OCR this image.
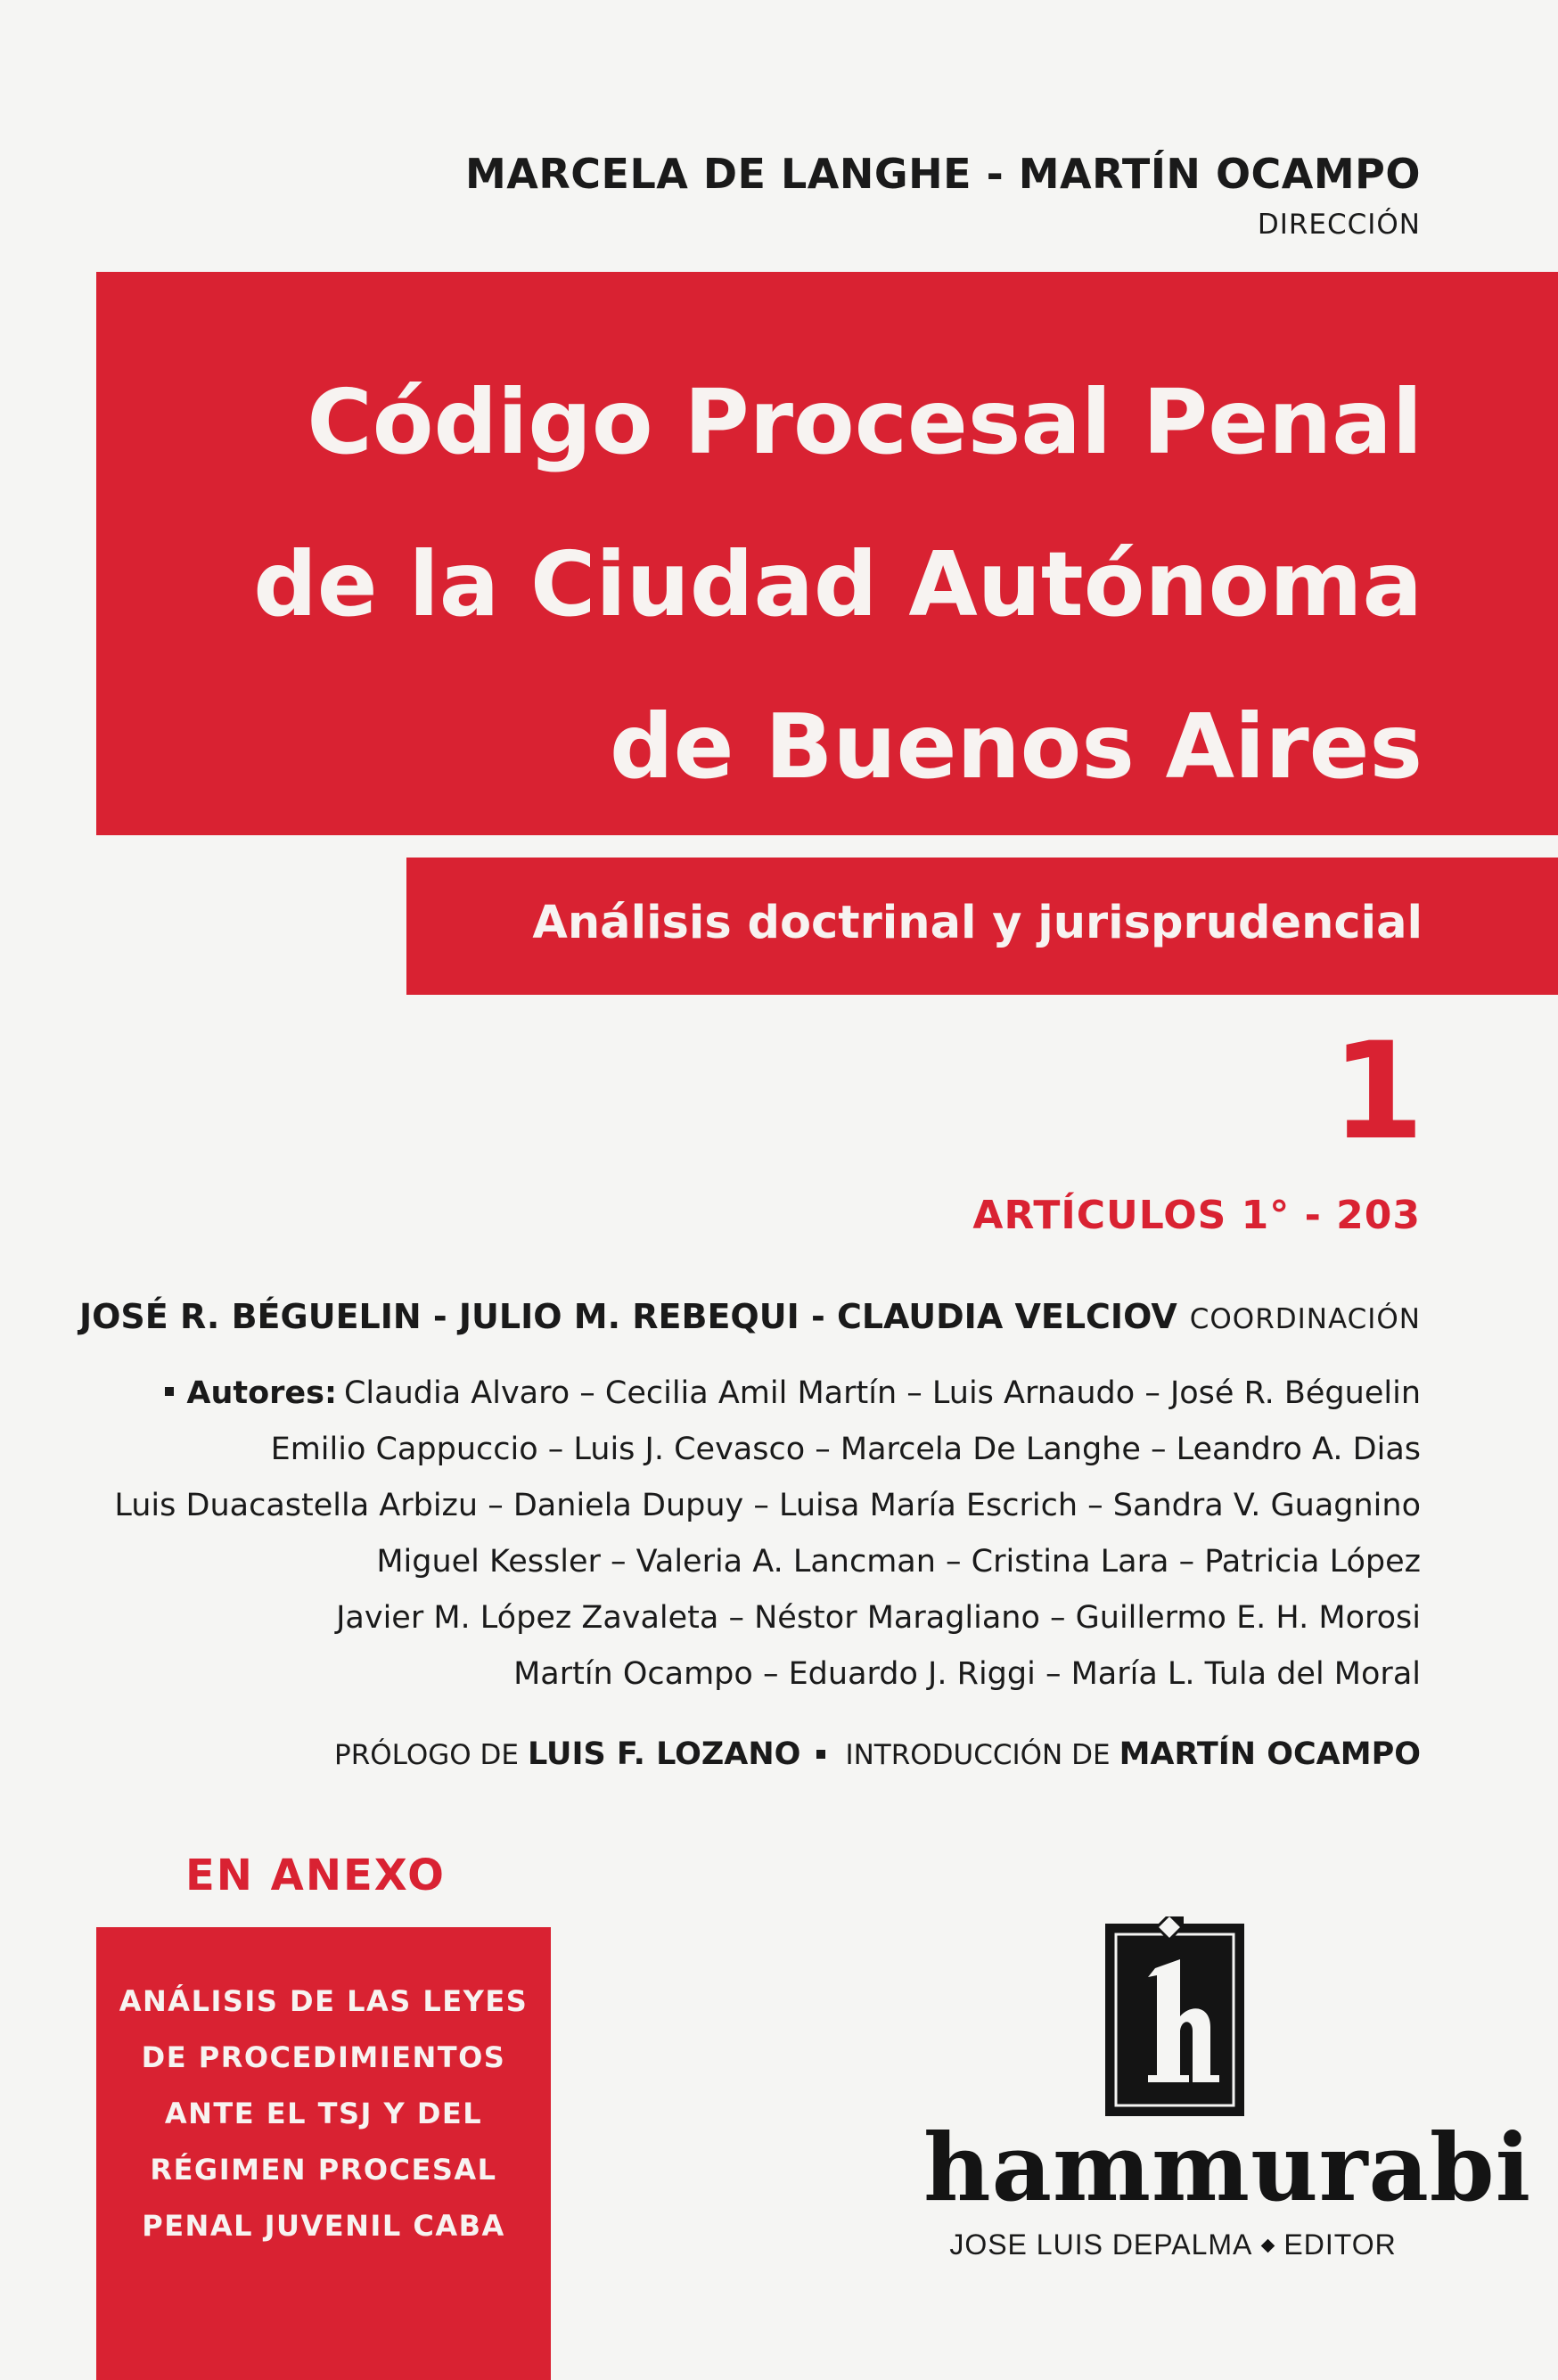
MARCELA DE LANGHE - MARTÍN OCAMPO
DIRECCIÓN
Código Procesal Penal
de la Ciudad Autónoma
de Buenos Aires
Análisis doctrinal y jurisprudencial
1
ARTÍCULOS 1° - 203
JOSÉ R. BÉGUELIN - JULIO M. REBEQUI - CLAUDIA VELCIOV COORDINACIÓN
Autores: Claudia Alvaro – Cecilia Amil Martín – Luis Arnaudo – José R. Béguelin
Emilio Cappuccio – Luis J. Cevasco – Marcela De Langhe – Leandro A. Dias
Luis Duacastella Arbizu – Daniela Dupuy – Luisa María Escrich – Sandra V. Guagnino
Miguel Kessler – Valeria A. Lancman – Cristina Lara – Patricia López
Javier M. López Zavaleta – Néstor Maragliano – Guillermo E. H. Morosi
Martín Ocampo – Eduardo J. Riggi – María L. Tula del Moral
PRÓLOGO DE LUIS F. LOZANO INTRODUCCIÓN DE MARTÍN OCAMPO
EN ANEXO
ANÁLISIS DE LAS LEYES
DE PROCEDIMIENTOS
ANTE EL TSJ Y DEL
RÉGIMEN PROCESAL
PENAL JUVENIL CABA
hammurabi
JOSE LUIS DEPALMA EDITOR
